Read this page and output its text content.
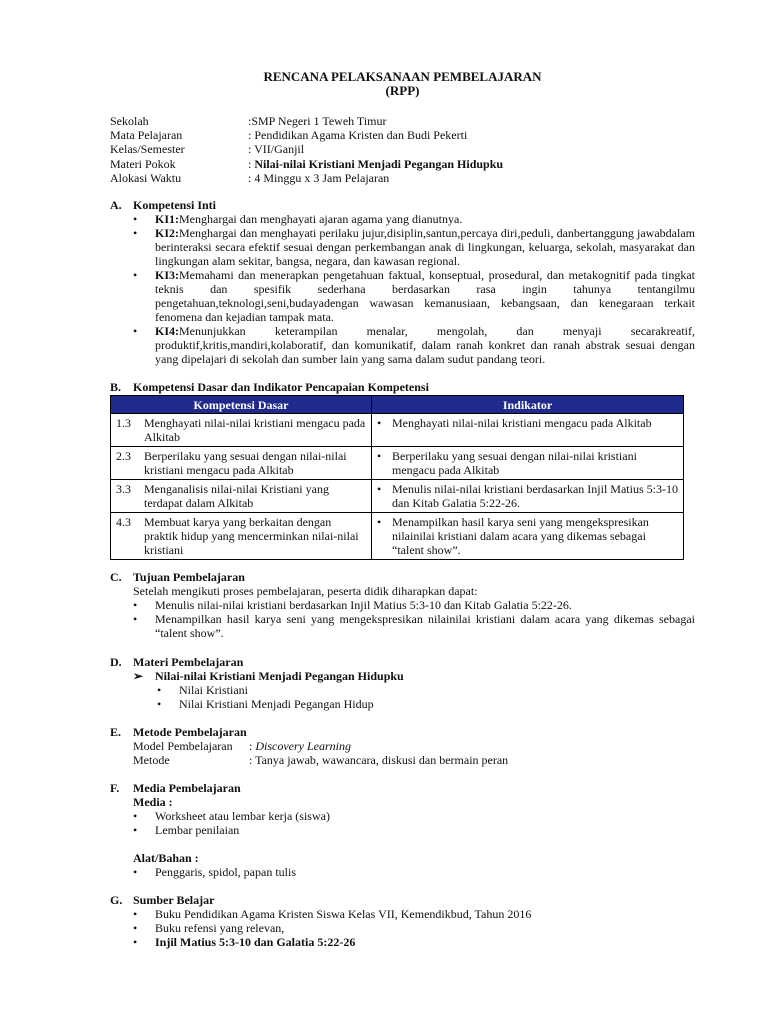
RENCANA PELAKSANAAN PEMBELAJARAN
(RPP)
Sekolah	:SMP Negeri 1 Teweh Timur
Mata Pelajaran	: Pendidikan Agama Kristen dan Budi Pekerti
Kelas/Semester	: VII/Ganjil
Materi Pokok	: Nilai-nilai Kristiani Menjadi Pegangan Hidupku
Alokasi Waktu	: 4 Minggu x 3 Jam Pelajaran
A. Kompetensi Inti
• KI1:Menghargai dan menghayati ajaran agama yang dianutnya.
• KI2:Menghargai dan menghayati perilaku jujur,disiplin,santun,percaya diri,peduli, danbertanggung jawabdalam berinteraksi secara efektif sesuai dengan perkembangan anak di lingkungan, keluarga, sekolah, masyarakat dan lingkungan alam sekitar, bangsa, negara, dan kawasan regional.
• KI3:Memahami dan menerapkan pengetahuan faktual, konseptual, prosedural, dan metakognitif pada tingkat teknis dan spesifik sederhana berdasarkan rasa ingin tahunya tentangilmu pengetahuan,teknologi,seni,budayadengan wawasan kemanusiaan, kebangsaan, dan kenegaraan terkait fenomena dan kejadian tampak mata.
• KI4:Menunjukkan keterampilan menalar, mengolah, dan menyaji secarakreatif, produktif,kritis,mandiri,kolaboratif, dan komunikatif, dalam ranah konkret dan ranah abstrak sesuai dengan yang dipelajari di sekolah dan sumber lain yang sama dalam sudut pandang teori.
B. Kompetensi Dasar dan Indikator Pencapaian Kompetensi
Kompetensi Dasar	Indikator

1.3 Menghayati nilai-nilai kristiani mengacu pada Alkitab	• Menghayati nilai-nilai kristiani mengacu pada Alkitab

2.3 Berperilaku yang sesuai dengan nilai-nilai kristiani mengacu pada Alkitab	• Berperilaku yang sesuai dengan nilai-nilai kristiani mengacu pada Alkitab

3.3 Menganalisis nilai-nilai Kristiani yang terdapat dalam Alkitab	• Menulis nilai-nilai kristiani berdasarkan Injil Matius 5:3-10 dan Kitab Galatia 5:22-26.

4.3 Membuat karya yang berkaitan dengan praktik hidup yang mencerminkan nilai-nilai kristiani	• Menampilkan hasil karya seni yang mengekspresikan nilainilai kristiani dalam acara yang dikemas sebagai “talent show”.
C. Tujuan Pembelajaran
Setelah mengikuti proses pembelajaran, peserta didik diharapkan dapat:
• Menulis nilai-nilai kristiani berdasarkan Injil Matius 5:3-10 dan Kitab Galatia 5:22-26.
• Menampilkan hasil karya seni yang mengekspresikan nilainilai kristiani dalam acara yang dikemas sebagai “talent show”.
D. Materi Pembelajaran
➢ Nilai-nilai Kristiani Menjadi Pegangan Hidupku
• Nilai Kristiani
• Nilai Kristiani Menjadi Pegangan Hidup
E. Metode Pembelajaran
Model Pembelajaran : Discovery Learning
Metode	: Tanya jawab, wawancara, diskusi dan bermain peran
F. Media Pembelajaran
Media :
• Worksheet atau lembar kerja (siswa)
• Lembar penilaian
Alat/Bahan :
• Penggaris, spidol, papan tulis
G. Sumber Belajar
• Buku Pendidikan Agama Kristen Siswa Kelas VII, Kemendikbud, Tahun 2016
• Buku refensi yang relevan,
• Injil Matius 5:3-10 dan Galatia 5:22-26
